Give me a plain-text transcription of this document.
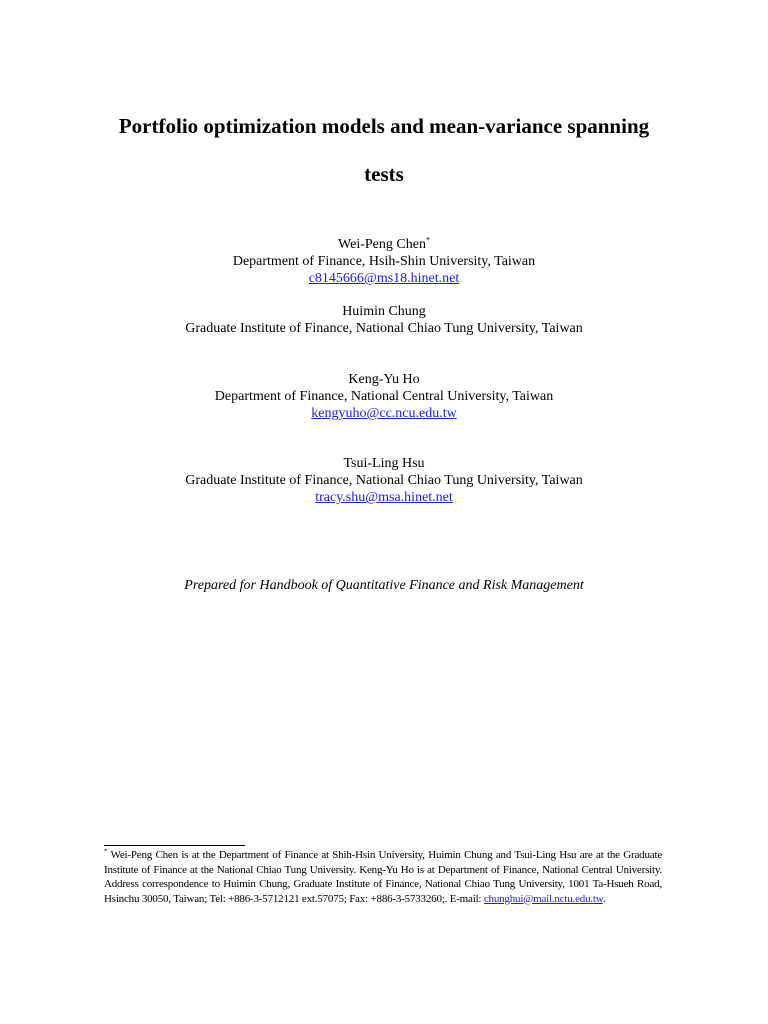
Portfolio optimization models and mean-variance spanning
tests
Wei-Peng Chen*
Department of Finance, Hsih-Shin University, Taiwan
c8145666@ms18.hinet.net
Huimin Chung
Graduate Institute of Finance, National Chiao Tung University, Taiwan
Keng-Yu Ho
Department of Finance, National Central University, Taiwan
kengyuho@cc.ncu.edu.tw
Tsui-Ling Hsu
Graduate Institute of Finance, National Chiao Tung University, Taiwan
tracy.shu@msa.hinet.net
Prepared for Handbook of Quantitative Finance and Risk Management
* Wei-Peng Chen is at the Department of Finance at Shih-Hsin University, Huimin Chung and Tsui-Ling Hsu are at the Graduate Institute of Finance at the National Chiao Tung University. Keng-Yu Ho is at Department of Finance, National Central University. Address correspondence to Huimin Chung, Graduate Institute of Finance, National Chiao Tung University, 1001 Ta-Hsueh Road, Hsinchu 30050, Taiwan; Tel: +886-3-5712121 ext.57075; Fax: +886-3-5733260;. E-mail: chunghui@mail.nctu.edu.tw.
